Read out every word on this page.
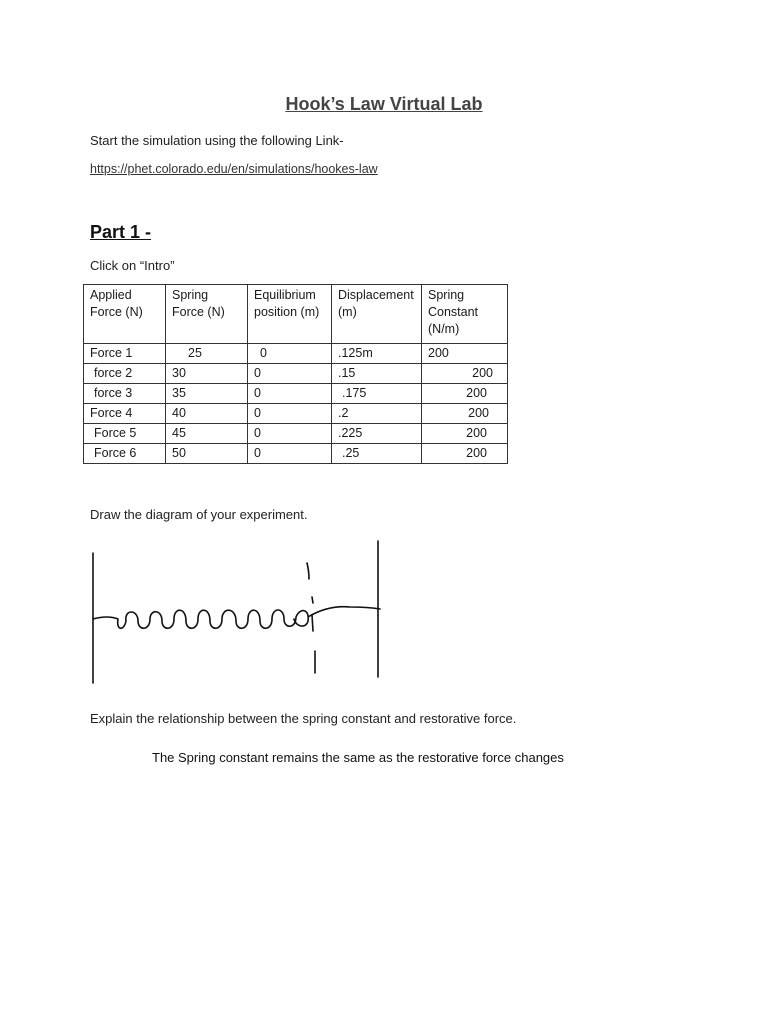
Hook’s Law Virtual Lab
Start the simulation using the following Link-
https://phet.colorado.edu/en/simulations/hookes-law
Part 1 -
Click on “Intro”
Applied Force (N)	Spring Force (N)	Equilibrium position (m)	Displacement (m)	Spring Constant (N/m)
Force 1	25	0	.125m	200
force 2	30	0	.15	200
force 3	35	0	.175	200
Force 4	40	0	.2	200
Force 5	45	0	.225	200
Force 6	50	0	.25	200
Draw the diagram of your experiment.
Explain the relationship between the spring constant and restorative force.
The Spring constant remains the same as the restorative force changes
